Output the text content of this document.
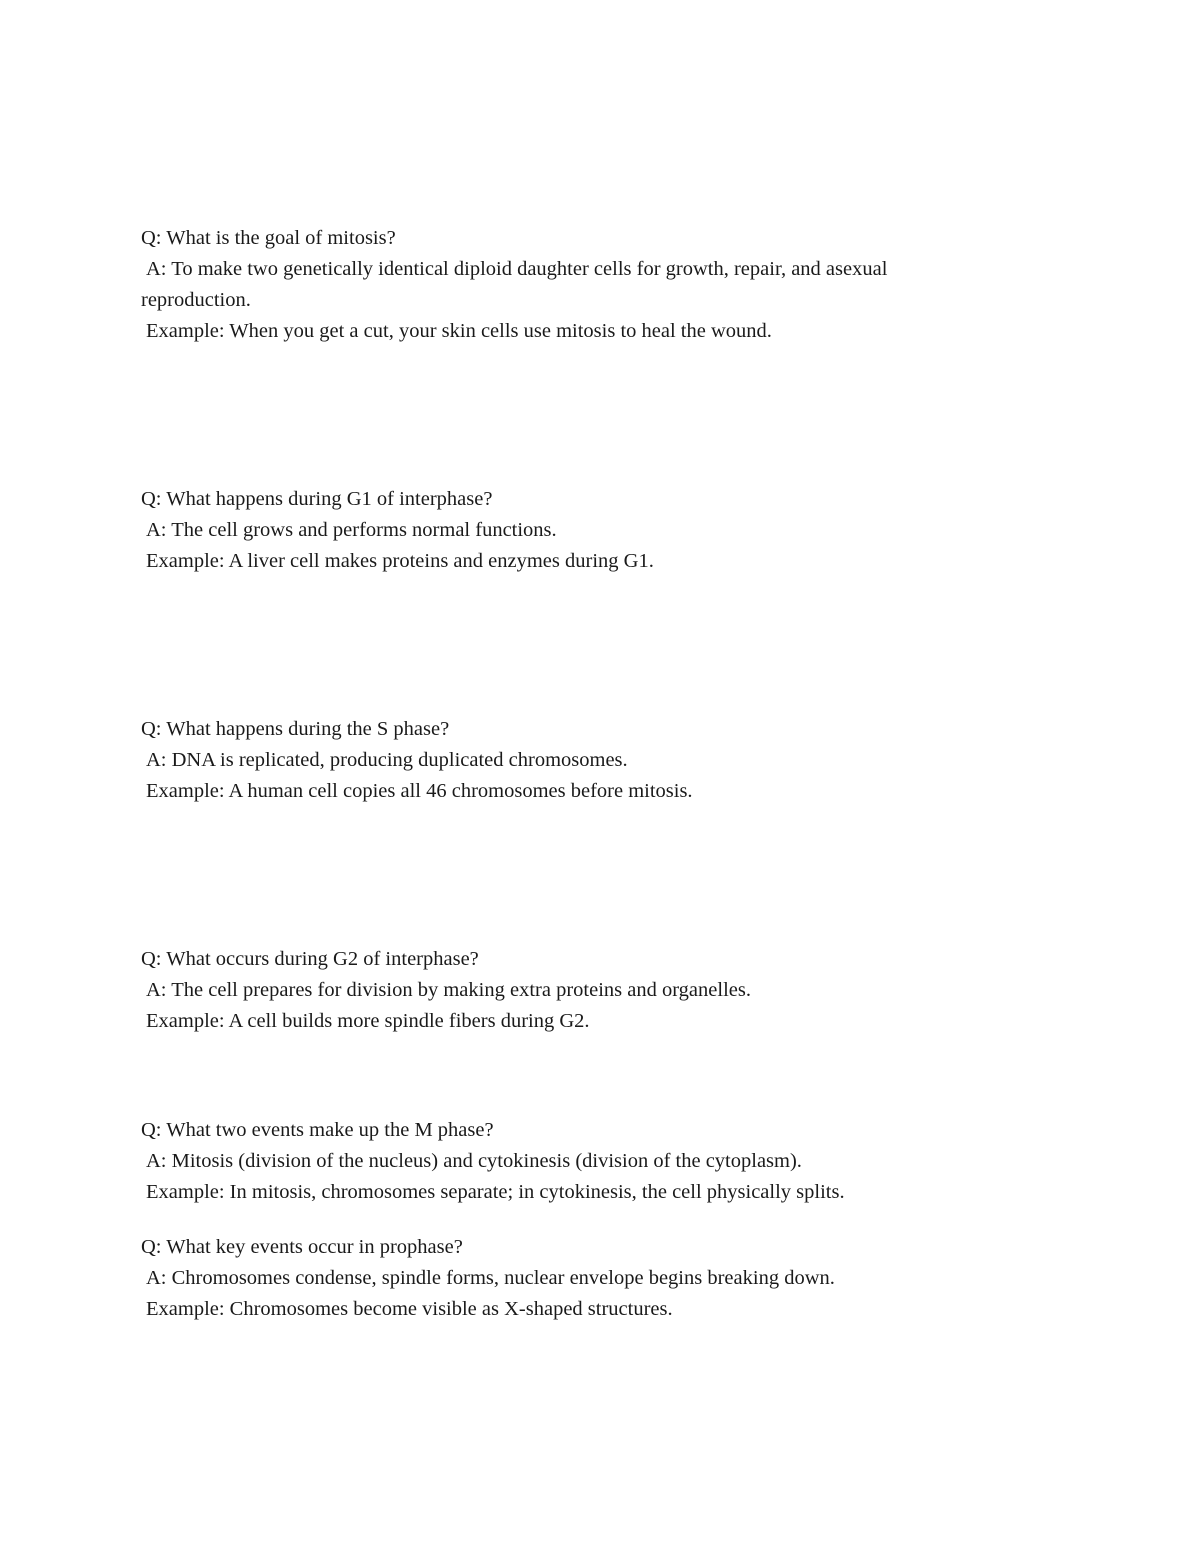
Q: What is the goal of mitosis?

A: To make two genetically identical diploid daughter cells for growth, repair, and asexual

reproduction.

Example: When you get a cut, your skin cells use mitosis to heal the wound.

Q: What happens during G1 of interphase?

A: The cell grows and performs normal functions.

Example: A liver cell makes proteins and enzymes during G1.

Q: What happens during the S phase?

A: DNA is replicated, producing duplicated chromosomes.

Example: A human cell copies all 46 chromosomes before mitosis.

Q: What occurs during G2 of interphase?

A: The cell prepares for division by making extra proteins and organelles.

Example: A cell builds more spindle fibers during G2.

Q: What two events make up the M phase?

A: Mitosis (division of the nucleus) and cytokinesis (division of the cytoplasm).

Example: In mitosis, chromosomes separate; in cytokinesis, the cell physically splits.

Q: What key events occur in prophase?

A: Chromosomes condense, spindle forms, nuclear envelope begins breaking down.

Example: Chromosomes become visible as X-shaped structures.
